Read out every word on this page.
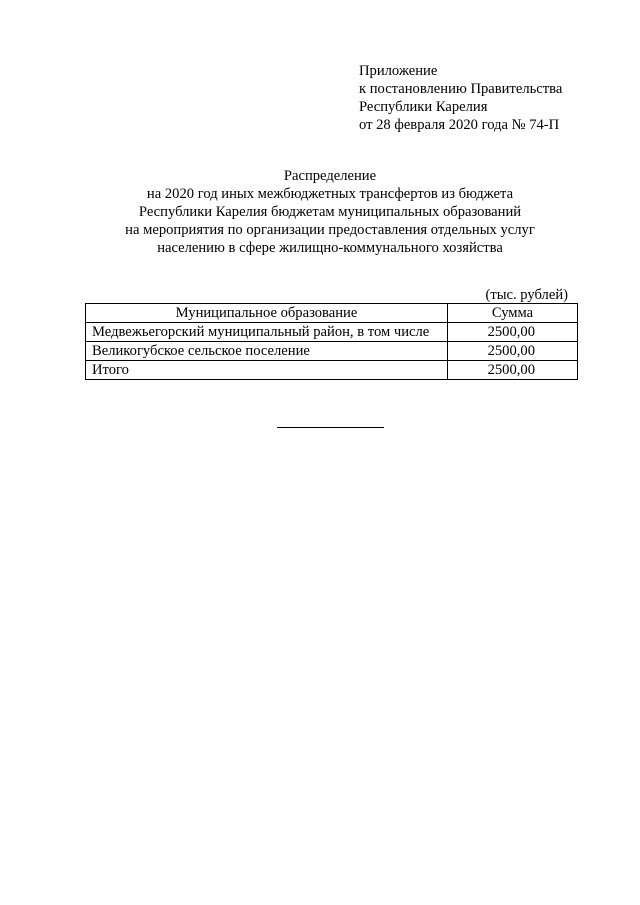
Приложение
к постановлению Правительства
Республики Карелия
от 28 февраля 2020 года № 74-П
Распределение
на 2020 год иных межбюджетных трансфертов из бюджета
Республики Карелия бюджетам муниципальных образований
на мероприятия по организации предоставления отдельных услуг
населению в сфере жилищно-коммунального хозяйства
(тыс. рублей)
Муниципальное образование	Сумма
Медвежьегорский муниципальный район, в том числе	2500,00
Великогубское сельское поселение	2500,00
Итого	2500,00
